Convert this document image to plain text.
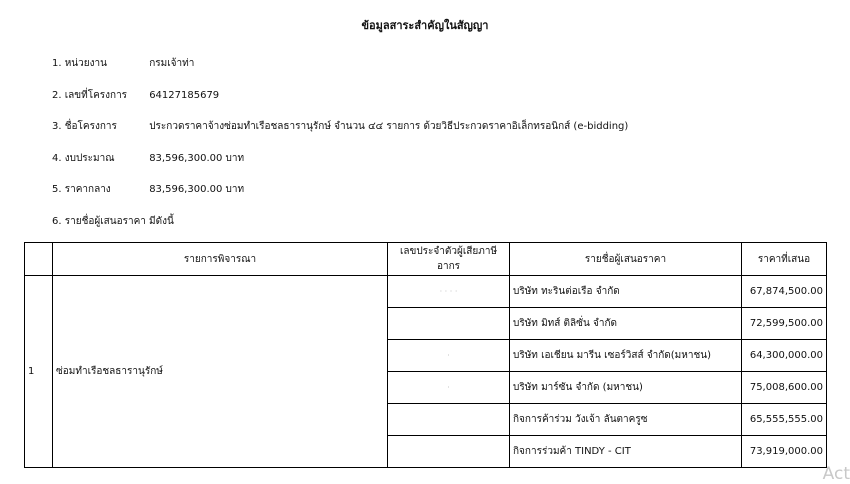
ข้อมูลสาระสำคัญในสัญญา
1. หน่วยงาน	กรมเจ้าท่า
2. เลขที่โครงการ 64127185679
3. ชื่อโครงการ	ประกวดราคาจ้างซ่อมทำเรือชลธารานุรักษ์ จำนวน ๔๔ รายการ ด้วยวิธีประกวดราคาอิเล็กทรอนิกส์ (e-bidding)
4. งบประมาณ	83,596,300.00 บาท
5. ราคากลาง	83,596,300.00 บาท
6. รายชื่อผู้เสนอราคา มีดังนี้
	รายการพิจารณา	เลขประจำตัวผู้เสียภาษีอากร	รายชื่อผู้เสนอราคา	ราคาที่เสนอ
1	ซ่อมทำเรือชลธารานุรักษ์	· · · ·	บริษัท ทะรินต่อเรือ จำกัด	67,874,500.00
			บริษัท มิทส์ ติลิซั่น จำกัด	72,599,500.00
		·	บริษัท เอเชียน มารีน เซอร์วิสส์ จำกัด(มหาชน)	64,300,000.00
		·	บริษัท มาร์ซัน จำกัด (มหาชน)	75,008,600.00
			กิจการค้าร่วม วังเจ้า ลันตาครูซ	65,555,555.00
			กิจการร่วมค้า TINDY - CIT	73,919,000.00
Act
